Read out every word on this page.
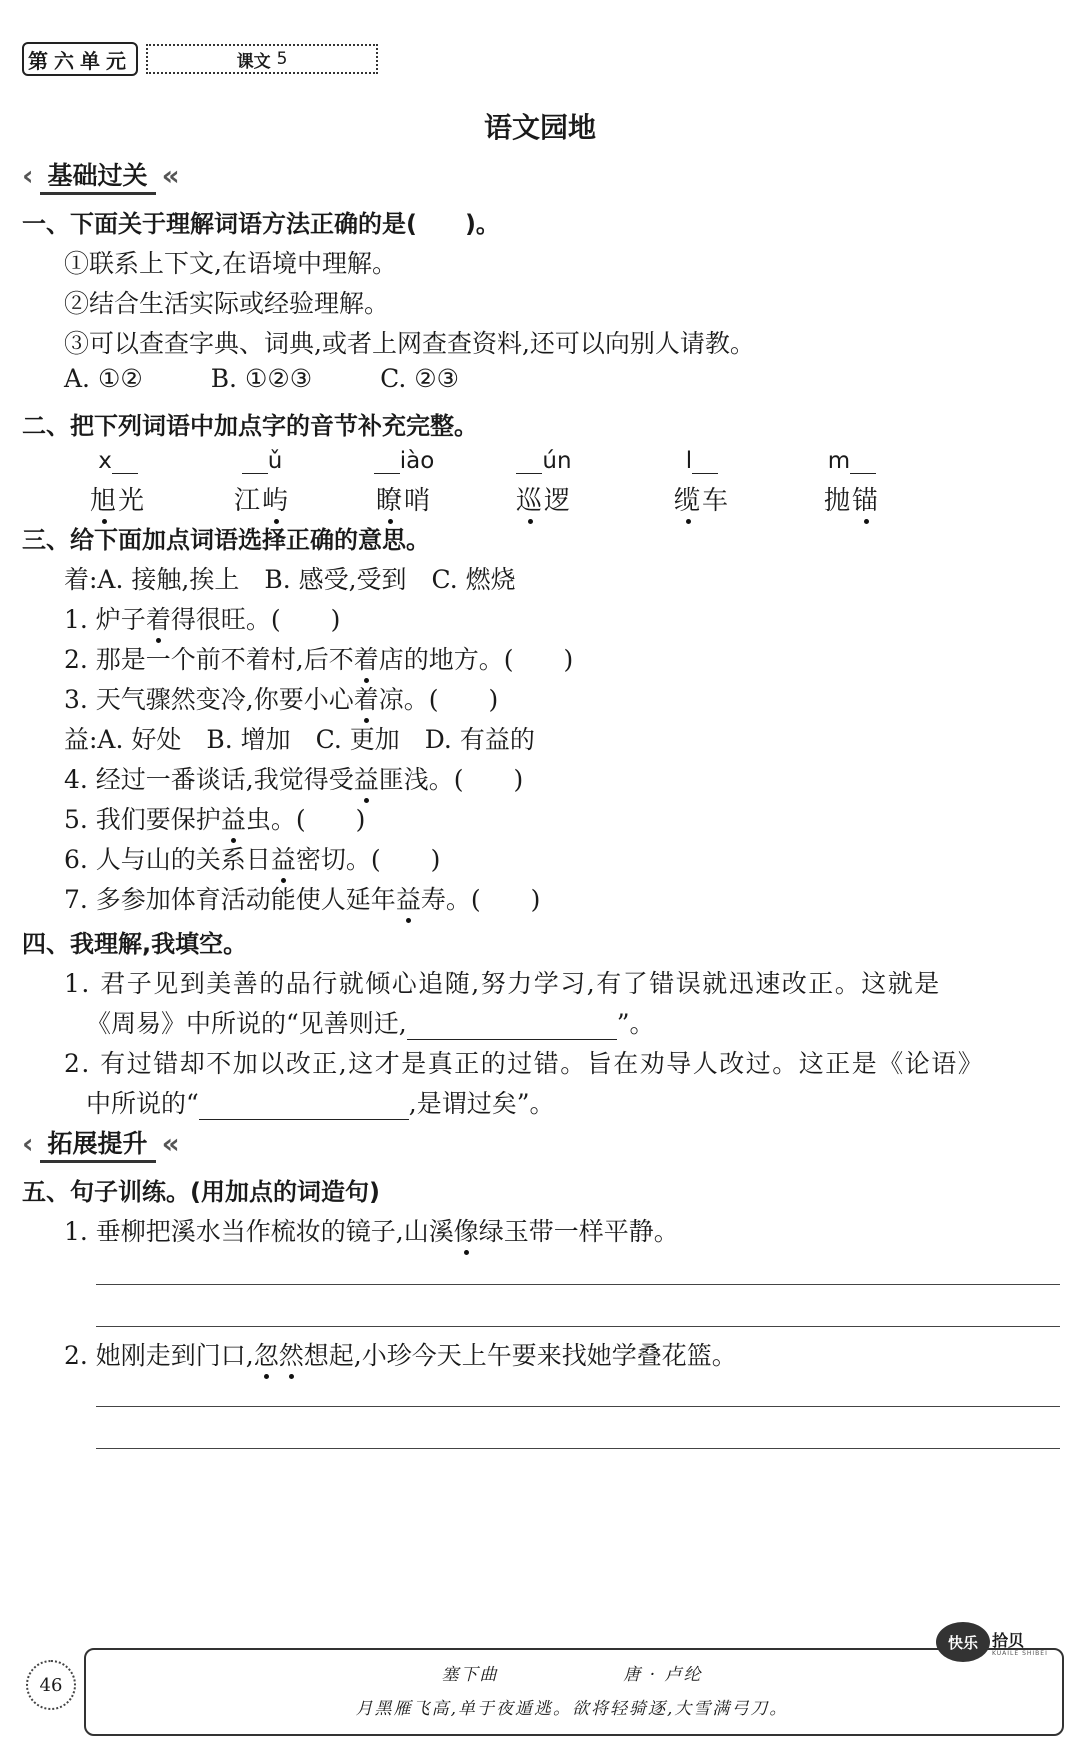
第六单元	课文 5
语文园地
‹ 基础过关 «
一、下面关于理解词语方法正确的是(　　)。
①联系上下文,在语境中理解。
②结合生活实际或经验理解。
③可以查查字典、词典,或者上网查查资料,还可以向别人请教。
A. ①②	B. ①②③	C. ②③
二、把下列词语中加点字的音节补充完整。
x
旭光
ǔ
江屿
iào
瞭哨
ún
巡逻
l
缆车
m
抛锚
三、给下面加点词语选择正确的意思。
着:A. 接触,挨上　B. 感受,受到　C. 燃烧
1. 炉子着得很旺。(　　)
2. 那是一个前不着村,后不着店的地方。(　　)
3. 天气骤然变冷,你要小心着凉。(　　)
益:A. 好处　B. 增加　C. 更加　D. 有益的
4. 经过一番谈话,我觉得受益匪浅。(　　)
5. 我们要保护益虫。(　　)
6. 人与山的关系日益密切。(　　)
7. 多参加体育活动能使人延年益寿。(　　)
四、我理解,我填空。
1. 君子见到美善的品行就倾心追随,努力学习,有了错误就迅速改正。这就是
《周易》中所说的“见善则迁,	”。
2. 有过错却不加以改正,这才是真正的过错。旨在劝导人改过。这正是《论语》
中所说的“	,是谓过矣”。
‹ 拓展提升 «
五、句子训练。(用加点的词造句)
1. 垂柳把溪水当作梳妆的镜子,山溪像绿玉带一样平静。
2. 她刚走到门口,忽然想起,小珍今天上午要来找她学叠花篮。
46	塞下曲	唐 · 卢纶
月黑雁飞高,单于夜遁逃。欲将轻骑逐,大雪满弓刀。
快乐 拾贝
KUAILE SHIBEI
